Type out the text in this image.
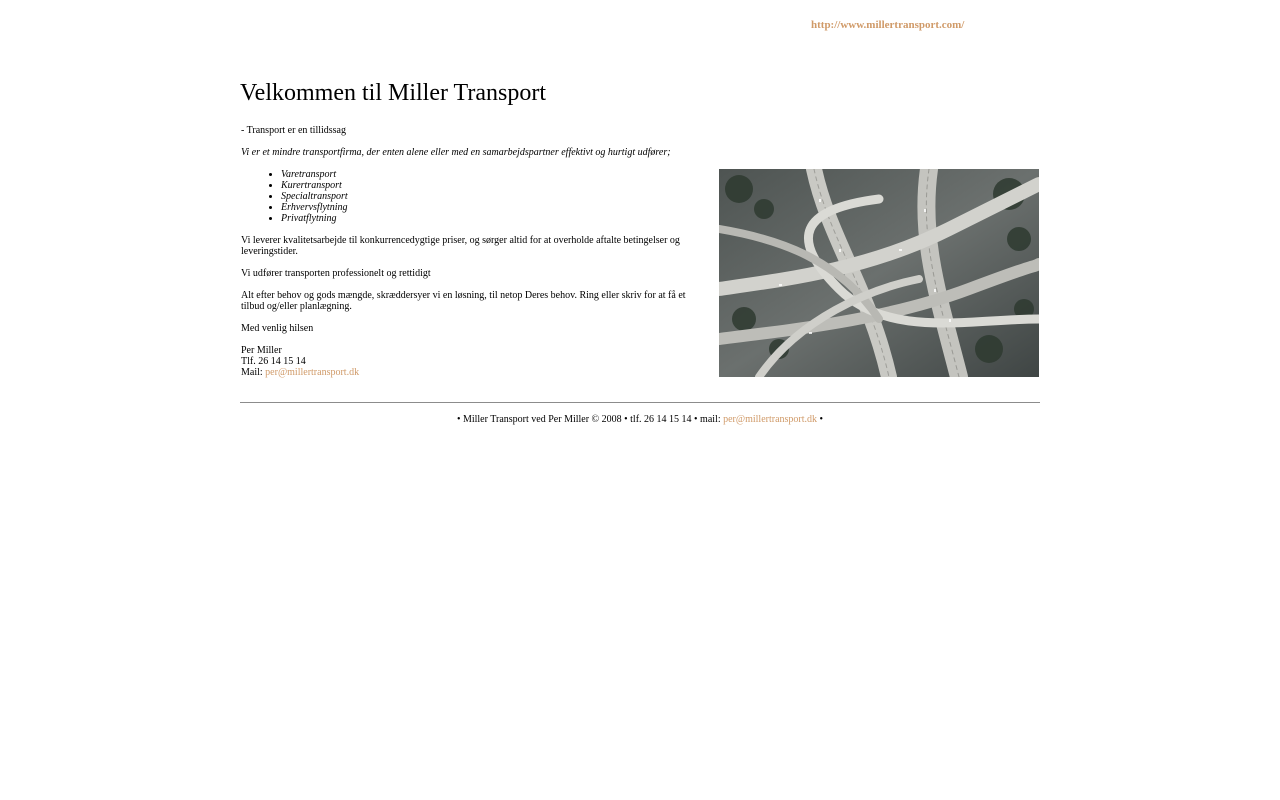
http://www.millertransport.com/
Velkommen til Miller Transport
- Transport er en tillidssag
Vi er et mindre transportfirma, der enten alene eller med en samarbejdspartner effektivt og hurtigt udfører;
• Varetransport
• Kurertransport
• Specialtransport
• Erhvervsflytning
• Privatflytning
Vi leverer kvalitetsarbejde til konkurrencedygtige priser, og sørger altid for at overholde aftalte betingelser og leveringstider.
Vi udfører transporten professionelt og rettidigt
Alt efter behov og gods mængde, skræddersyer vi en løsning, til netop Deres behov. Ring eller skriv for at få et tilbud og/eller planlægning.
Med venlig hilsen
Per Miller
Tlf. 26 14 15 14
Mail: per@millertransport.dk
• Miller Transport ved Per Miller © 2008 • tlf. 26 14 15 14 • mail: per@millertransport.dk •
